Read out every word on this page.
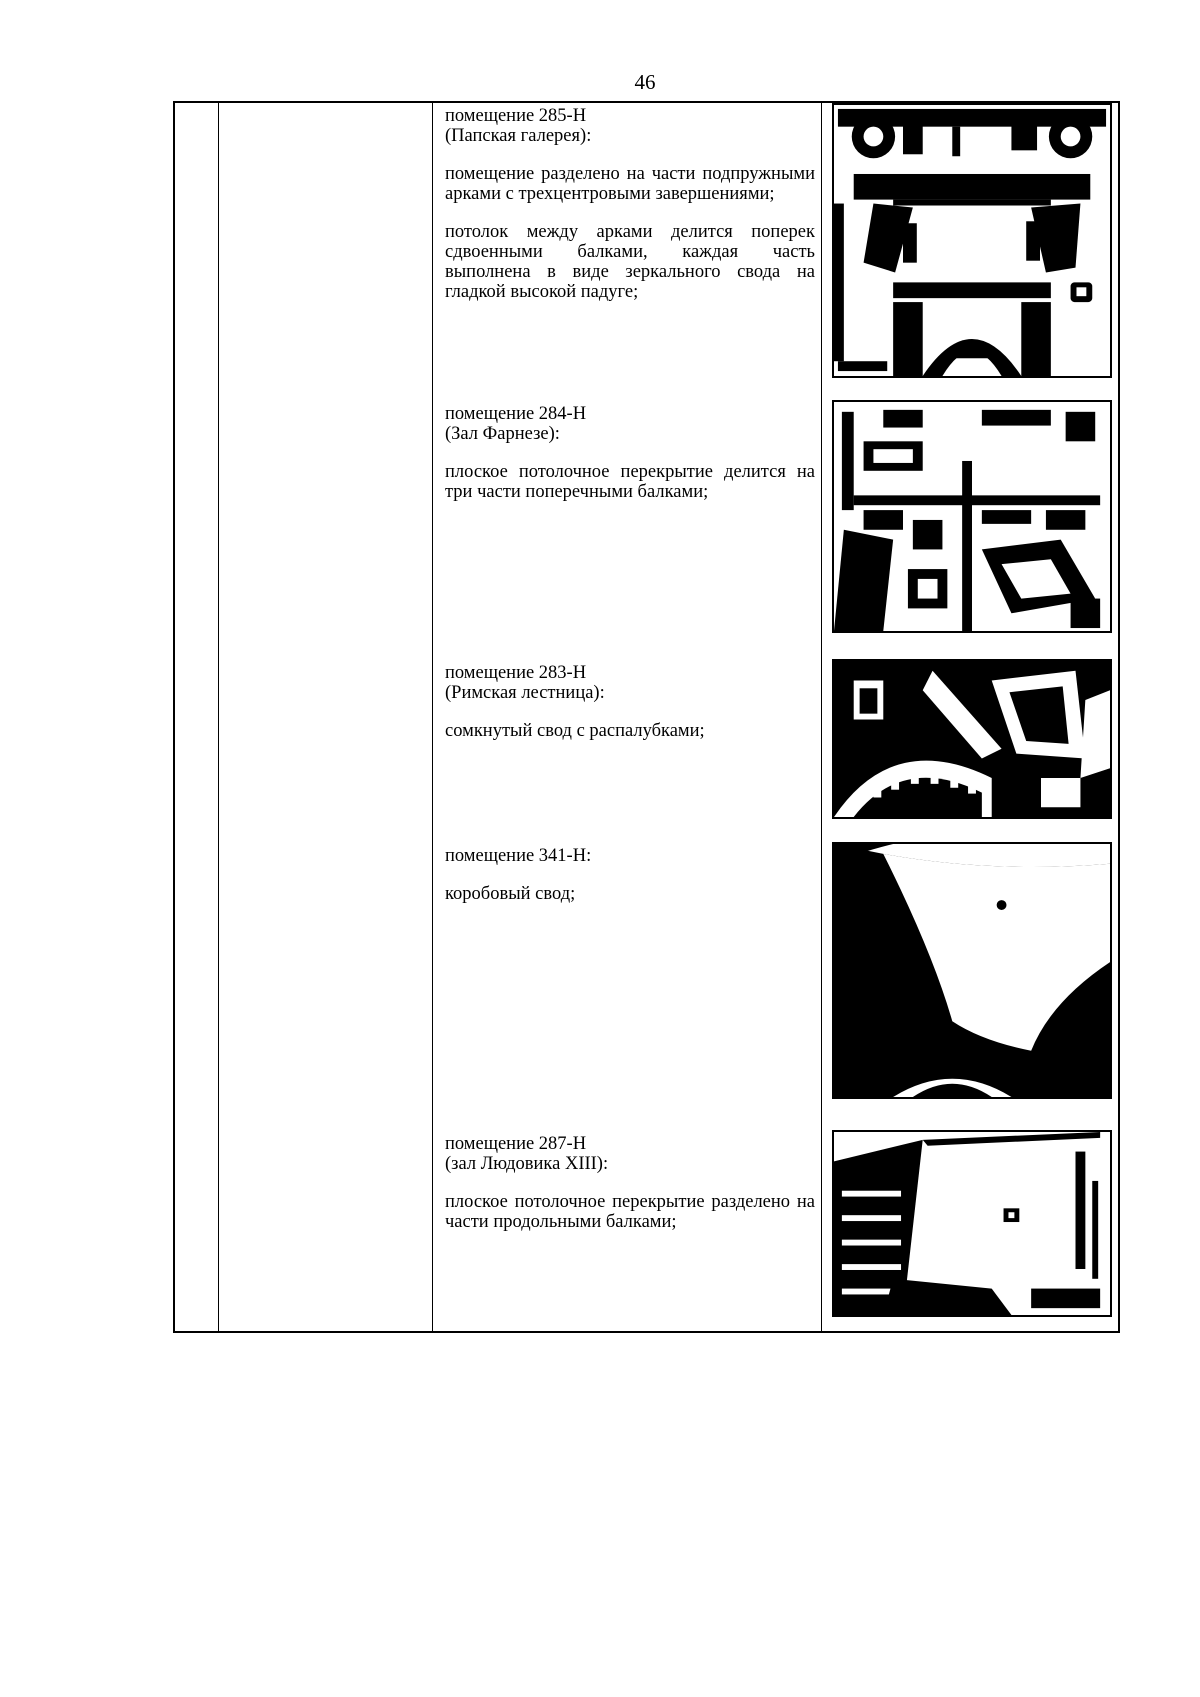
46

помещение 285-Н

(Папская галерея):

помещение разделено на части подпружными арками с трехцентровыми завершениями;

потолок между арками делится поперек сдвоенными балками, каждая часть выполнена в виде зеркального свода на гладкой высокой падуге;

помещение 284-Н

(Зал Фарнезе):

плоское потолочное перекрытие делится на три части поперечными балками;

помещение 283-Н

(Римская лестница):

сомкнутый свод с распалубками;

помещение 341-Н:

коробовый свод;

помещение 287-Н

(зал Людовика XIII):

плоское потолочное перекрытие разделено на части продольными балками;
